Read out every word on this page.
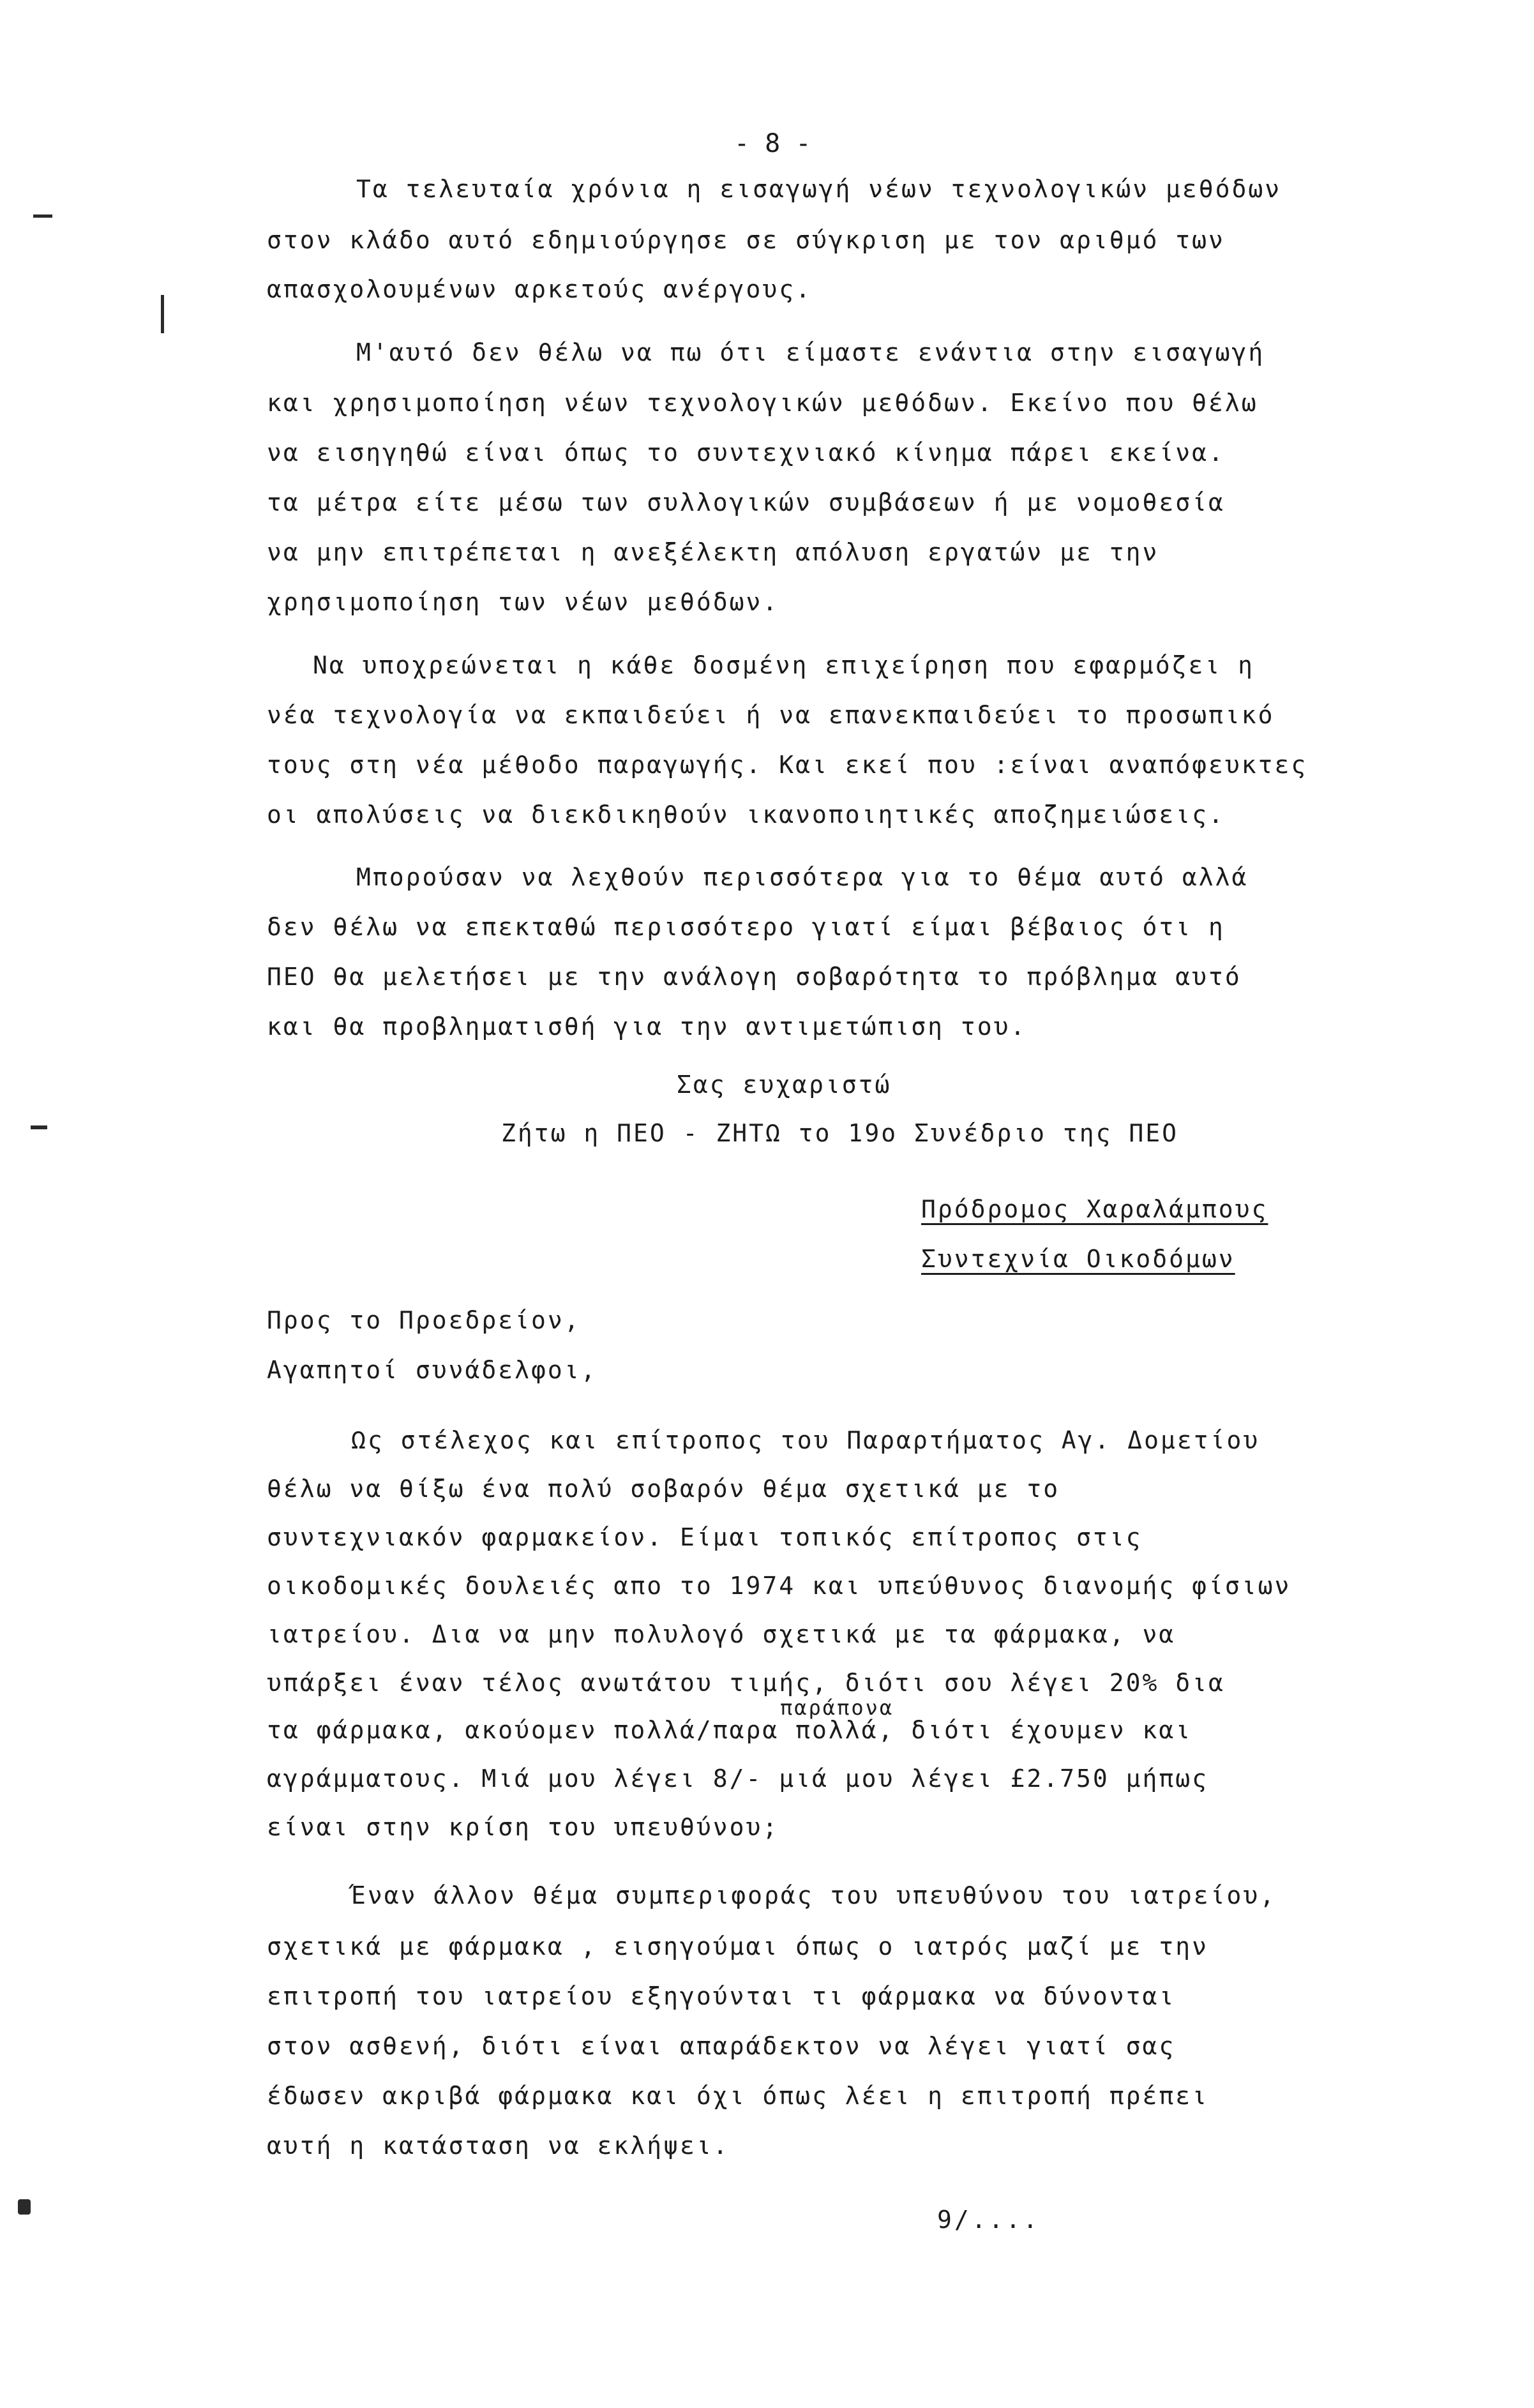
- 8 -
Τα τελευταία χρόνια η εισαγωγή νέων τεχνολογικών μεθόδων
στον κλάδο αυτό εδημιούργησε σε σύγκριση με τον αριθμό των
απασχολουμένων αρκετούς ανέργους.
Μ'αυτό δεν θέλω να πω ότι είμαστε ενάντια στην εισαγωγή
και χρησιμοποίηση νέων τεχνολογικών μεθόδων. Εκείνο που θέλω
να εισηγηθώ είναι όπως το συντεχνιακό κίνημα πάρει εκείνα.
τα μέτρα είτε μέσω των συλλογικών συμβάσεων ή με νομοθεσία
να μην επιτρέπεται η ανεξέλεκτη απόλυση εργατών με την
χρησιμοποίηση των νέων μεθόδων.
Να υποχρεώνεται η κάθε δοσμένη επιχείρηση που εφαρμόζει η
νέα τεχνολογία να εκπαιδεύει ή να επανεκπαιδεύει το προσωπικό
τους στη νέα μέθοδο παραγωγής. Και εκεί που :είναι αναπόφευκτες
οι απολύσεις να διεκδικηθούν ικανοποιητικές αποζημειώσεις.
Μπορούσαν να λεχθούν περισσότερα για το θέμα αυτό αλλά
δεν θέλω να επεκταθώ περισσότερο γιατί είμαι βέβαιος ότι η
ΠΕΟ θα μελετήσει με την ανάλογη σοβαρότητα το πρόβλημα αυτό
και θα προβληματισθή για την αντιμετώπιση του.
Σας ευχαριστώ
Ζήτω η ΠΕΟ - ΖΗΤΩ το 19ο Συνέδριο της ΠΕΟ
Πρόδρομος Χαραλάμπους
Συντεχνία Οικοδόμων
Προς το Προεδρείον,
Αγαπητοί συνάδελφοι,
Ως στέλεχος και επίτροπος του Παραρτήματος Αγ. Δομετίου
θέλω να θίξω ένα πολύ σοβαρόν θέμα σχετικά με το
συντεχνιακόν φαρμακείον. Είμαι τοπικός επίτροπος στις
οικοδομικές δουλειές απο το 1974 και υπεύθυνος διανομής φίσιων
ιατρείου. Δια να μην πολυλογό σχετικά με τα φάρμακα, να
υπάρξει έναν τέλος ανωτάτου τιμής, διότι σου λέγει 20% δια
παράπονα
τα φάρμακα, ακούομεν πολλά/παρα πολλά, διότι έχουμεν και
αγράμματους. Μιά μου λέγει 8/- μιά μου λέγει £2.750 μήπως
είναι στην κρίση του υπευθύνου;
Έναν άλλον θέμα συμπεριφοράς του υπευθύνου του ιατρείου,
σχετικά με φάρμακα , εισηγούμαι όπως ο ιατρός μαζί με την
επιτροπή του ιατρείου εξηγούνται τι φάρμακα να δύνονται
στον ασθενή, διότι είναι απαράδεκτον να λέγει γιατί σας
έδωσεν ακριβά φάρμακα και όχι όπως λέει η επιτροπή πρέπει
αυτή η κατάσταση να εκλήψει.
9/....
